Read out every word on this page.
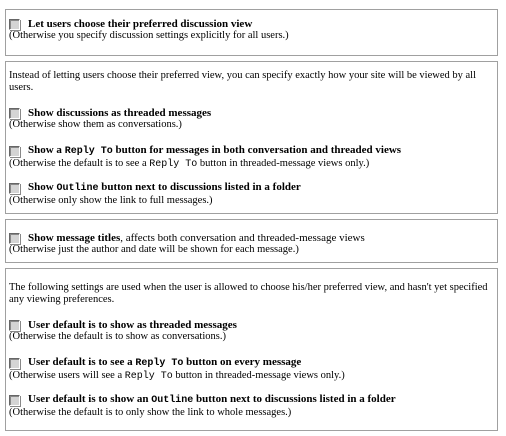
Let users choose their preferred discussion view
(Otherwise you specify discussion settings explicitly for all users.)
Instead of letting users choose their preferred view, you can specify exactly how your site will be viewed by all users.
Show discussions as threaded messages
(Otherwise show them as conversations.)
Show a Reply To button for messages in both conversation and threaded views
(Otherwise the default is to see a Reply To button in threaded-message views only.)
Show Outline button next to discussions listed in a folder
(Otherwise only show the link to full messages.)
Show message titles, affects both conversation and threaded-message views
(Otherwise just the author and date will be shown for each message.)
The following settings are used when the user is allowed to choose his/her preferred view, and hasn't yet specified any viewing preferences.
User default is to show as threaded messages
(Otherwise the default is to show as conversations.)
User default is to see a Reply To button on every message
(Otherwise users will see a Reply To button in threaded-message views only.)
User default is to show an Outline button next to discussions listed in a folder
(Otherwise the default is to only show the link to whole messages.)
